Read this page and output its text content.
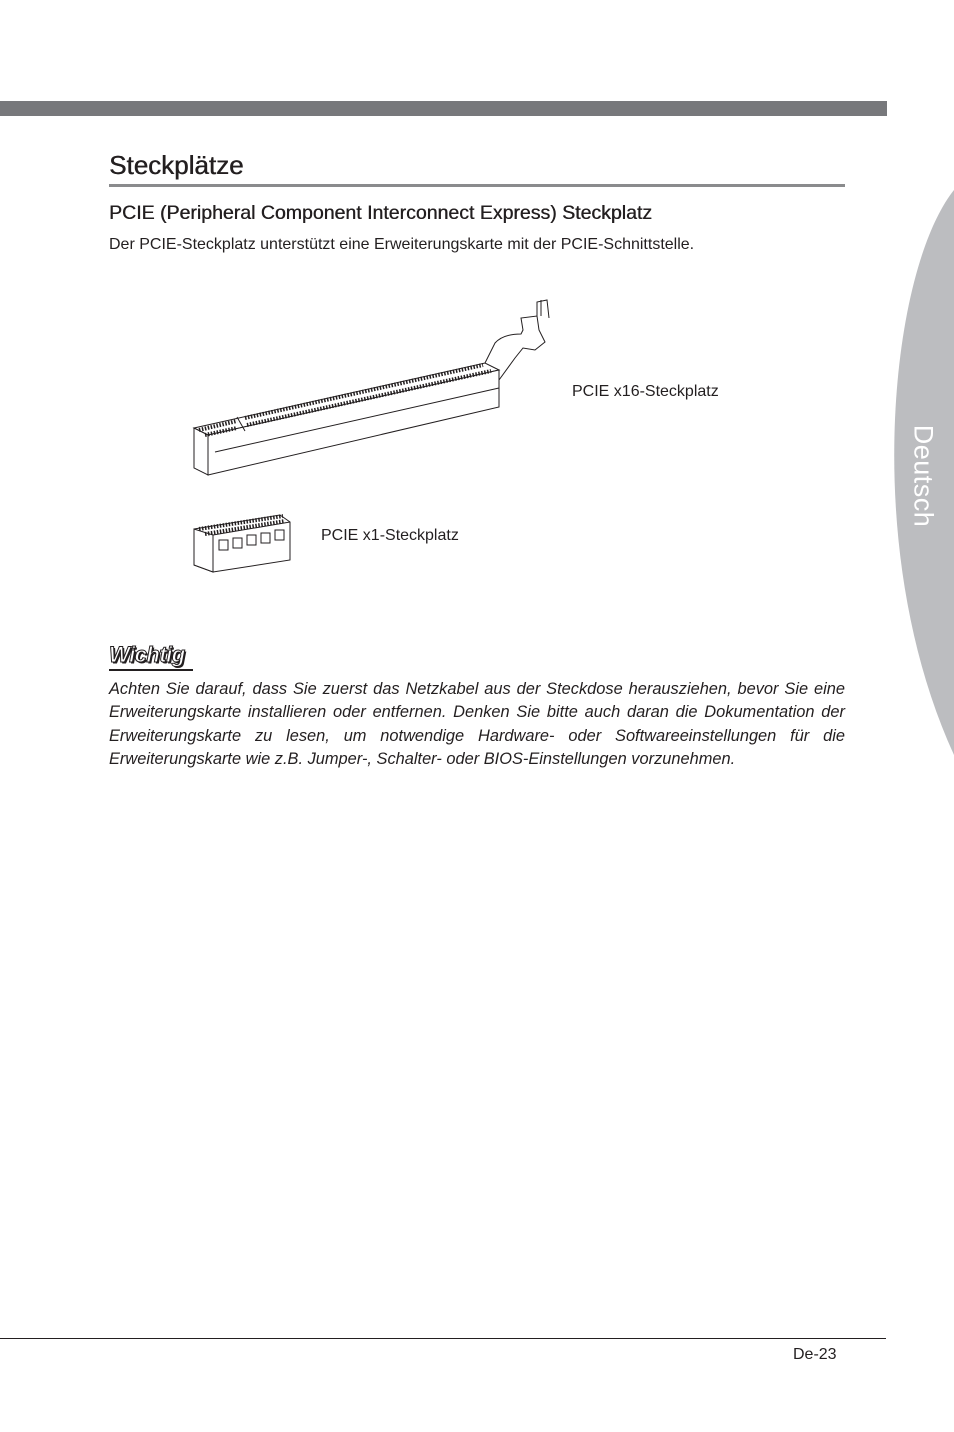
Deutsch
Steckplätze
PCIE (Peripheral Component Interconnect Express) Steckplatz

Der PCIE-Steckplatz unterstützt eine Erweiterungskarte mit der PCIE-Schnittstelle.

PCIE x16-Steckplatz

PCIE x1-Steckplatz

Wichtig

Achten Sie darauf, dass Sie zuerst das Netzkabel aus der Steckdose herausziehen, bevor Sie eine Erweiterungskarte installieren oder entfernen. Denken Sie bitte auch daran die Dokumentation der Erweiterungskarte zu lesen, um notwendige Hardware- oder Softwareeinstellungen für die Erweiterungskarte wie z.B. Jumper-, Schalter- oder BIOS-Einstellungen vorzunehmen.

De-23
